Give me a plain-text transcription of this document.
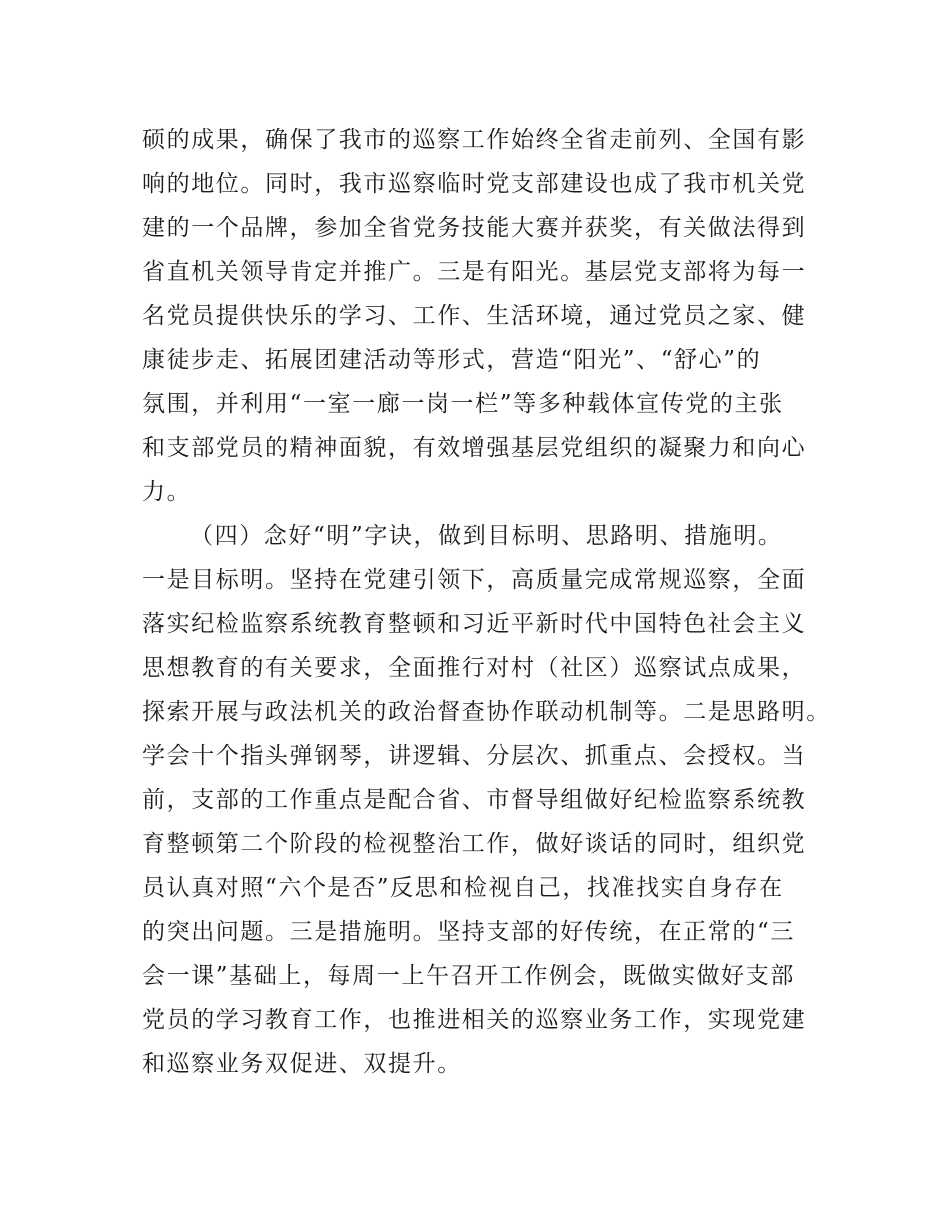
硕的成果，确保了我市的巡察工作始终全省走前列、全国有影
响的地位。同时，我市巡察临时党支部建设也成了我市机关党
建的一个品牌，参加全省党务技能大赛并获奖，有关做法得到
省直机关领导肯定并推广。三是有阳光。基层党支部将为每一
名党员提供快乐的学习、工作、生活环境，通过党员之家、健
康徒步走、拓展团建活动等形式，营造“阳光”、“舒心”的
氛围，并利用“一室一廊一岗一栏”等多种载体宣传党的主张
和支部党员的精神面貌，有效增强基层党组织的凝聚力和向心
力。
（四）念好“明”字诀，做到目标明、思路明、措施明。
一是目标明。坚持在党建引领下，高质量完成常规巡察，全面
落实纪检监察系统教育整顿和习近平新时代中国特色社会主义
思想教育的有关要求，全面推行对村（社区）巡察试点成果，
探索开展与政法机关的政治督查协作联动机制等。二是思路明。
学会十个指头弹钢琴，讲逻辑、分层次、抓重点、会授权。当
前，支部的工作重点是配合省、市督导组做好纪检监察系统教
育整顿第二个阶段的检视整治工作，做好谈话的同时，组织党
员认真对照“六个是否”反思和检视自己，找准找实自身存在
的突出问题。三是措施明。坚持支部的好传统，在正常的“三
会一课”基础上，每周一上午召开工作例会，既做实做好支部
党员的学习教育工作，也推进相关的巡察业务工作，实现党建
和巡察业务双促进、双提升。
